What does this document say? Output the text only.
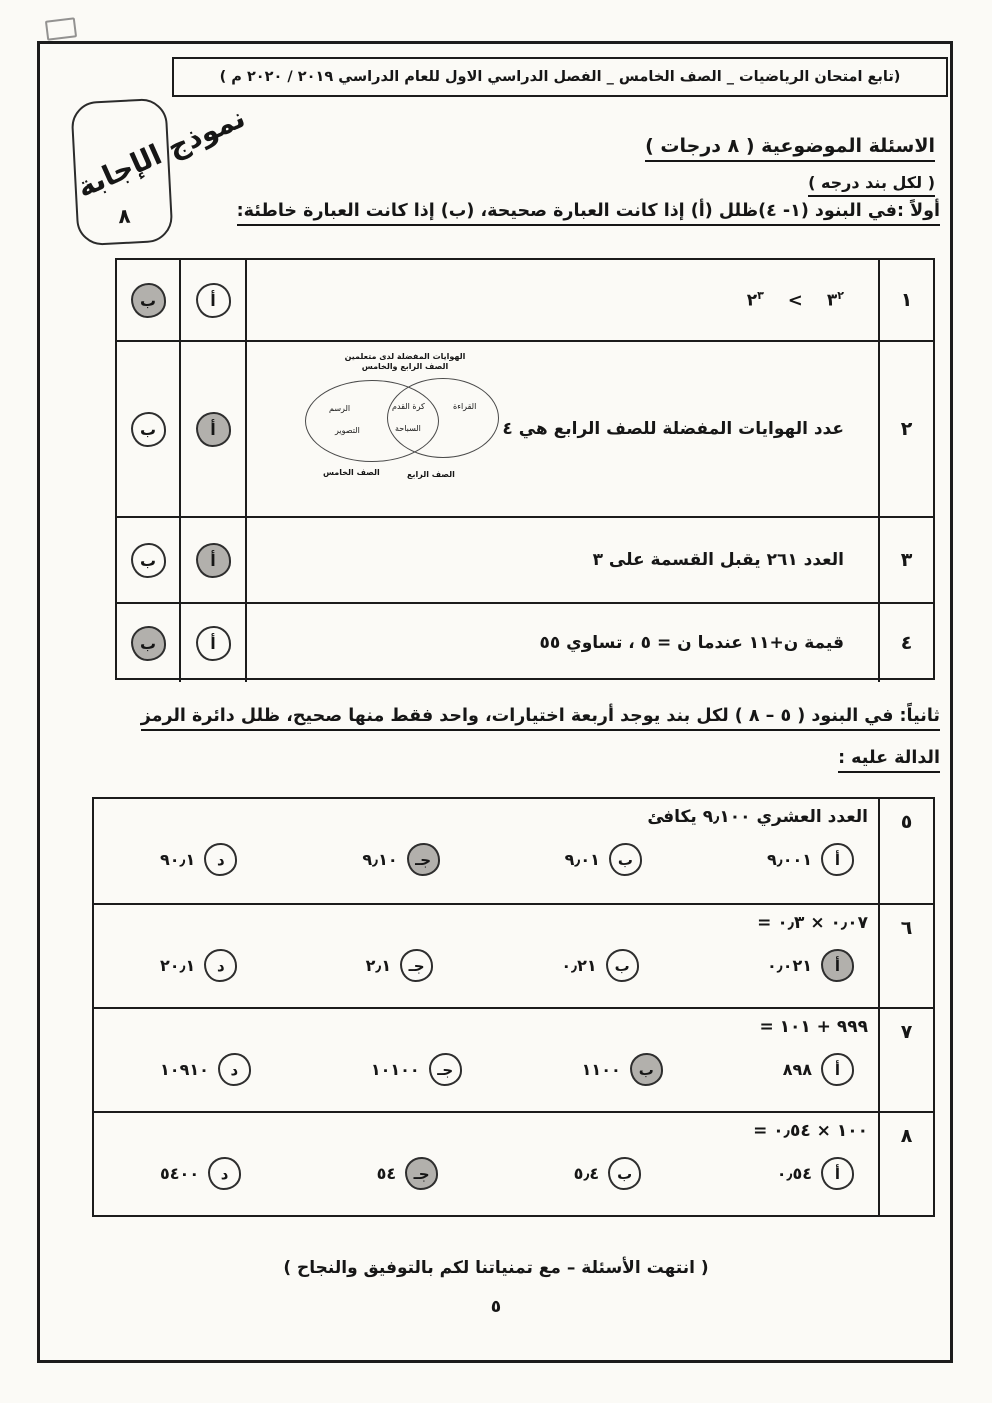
(تابع امتحان الرياضيات _ الصف الخامس _ الفصل الدراسي الاول للعام الدراسي ٢٠١٩ / ٢٠٢٠ م )
٨
نموذج الإجابة	الاسئلة الموضوعية ( ٨ درجات )
( لكل بند درجه )
أولاً :في البنود (١- ٤)ظلل (أ) إذا كانت العبارة صحيحة، (ب) إذا كانت العبارة خاطئة:
١
$٣^٢<٢^٣$
أ
ب
٢
عدد الهوايات المفضلة للصف الرابع هي ٤
الهوايات المفضلة لدى متعلمين
الصف الرابع والخامس
الرسم
التصوير
كرة القدم
السباحة
القراءة
الصف الخامس	الصف الرابع
أ
ب
٣
العدد ٢٦١ يقبل القسمة على ٣
أ
ب
٤
قيمة ن+١١ عندما ن = ٥ ، تساوي ٥٥
أ
ب
ثانياً: في البنود ( ٥ – ٨ ) لكل بند يوجد أربعة اختيارات، واحد فقط منها صحيح، ظلل دائرة الرمز
الدالة عليه :
٥
العدد العشري ٩٫١٠٠ يكافئ
أ
٩٫٠٠١
ب
٩٫٠١
جـ
٩٫١٠
د
٩٠٫١
٦
٠٫٠٧ × ٠٫٣ =
أ
٠٫٠٢١
ب
٠٫٢١
جـ
٢٫١
د
٢٠٫١
٧
٩٩٩ + ١٠١ =
أ
٨٩٨
ب
١١٠٠
جـ
١٠١٠٠
د
١٠٩١٠
٨
١٠٠ × ٠٫٥٤ =
أ
٠٫٥٤
ب
٥٫٤
جـ
٥٤
د
٥٤٠٠
( انتهت الأسئلة – مع تمنياتنا لكم بالتوفيق والنجاح )
٥
